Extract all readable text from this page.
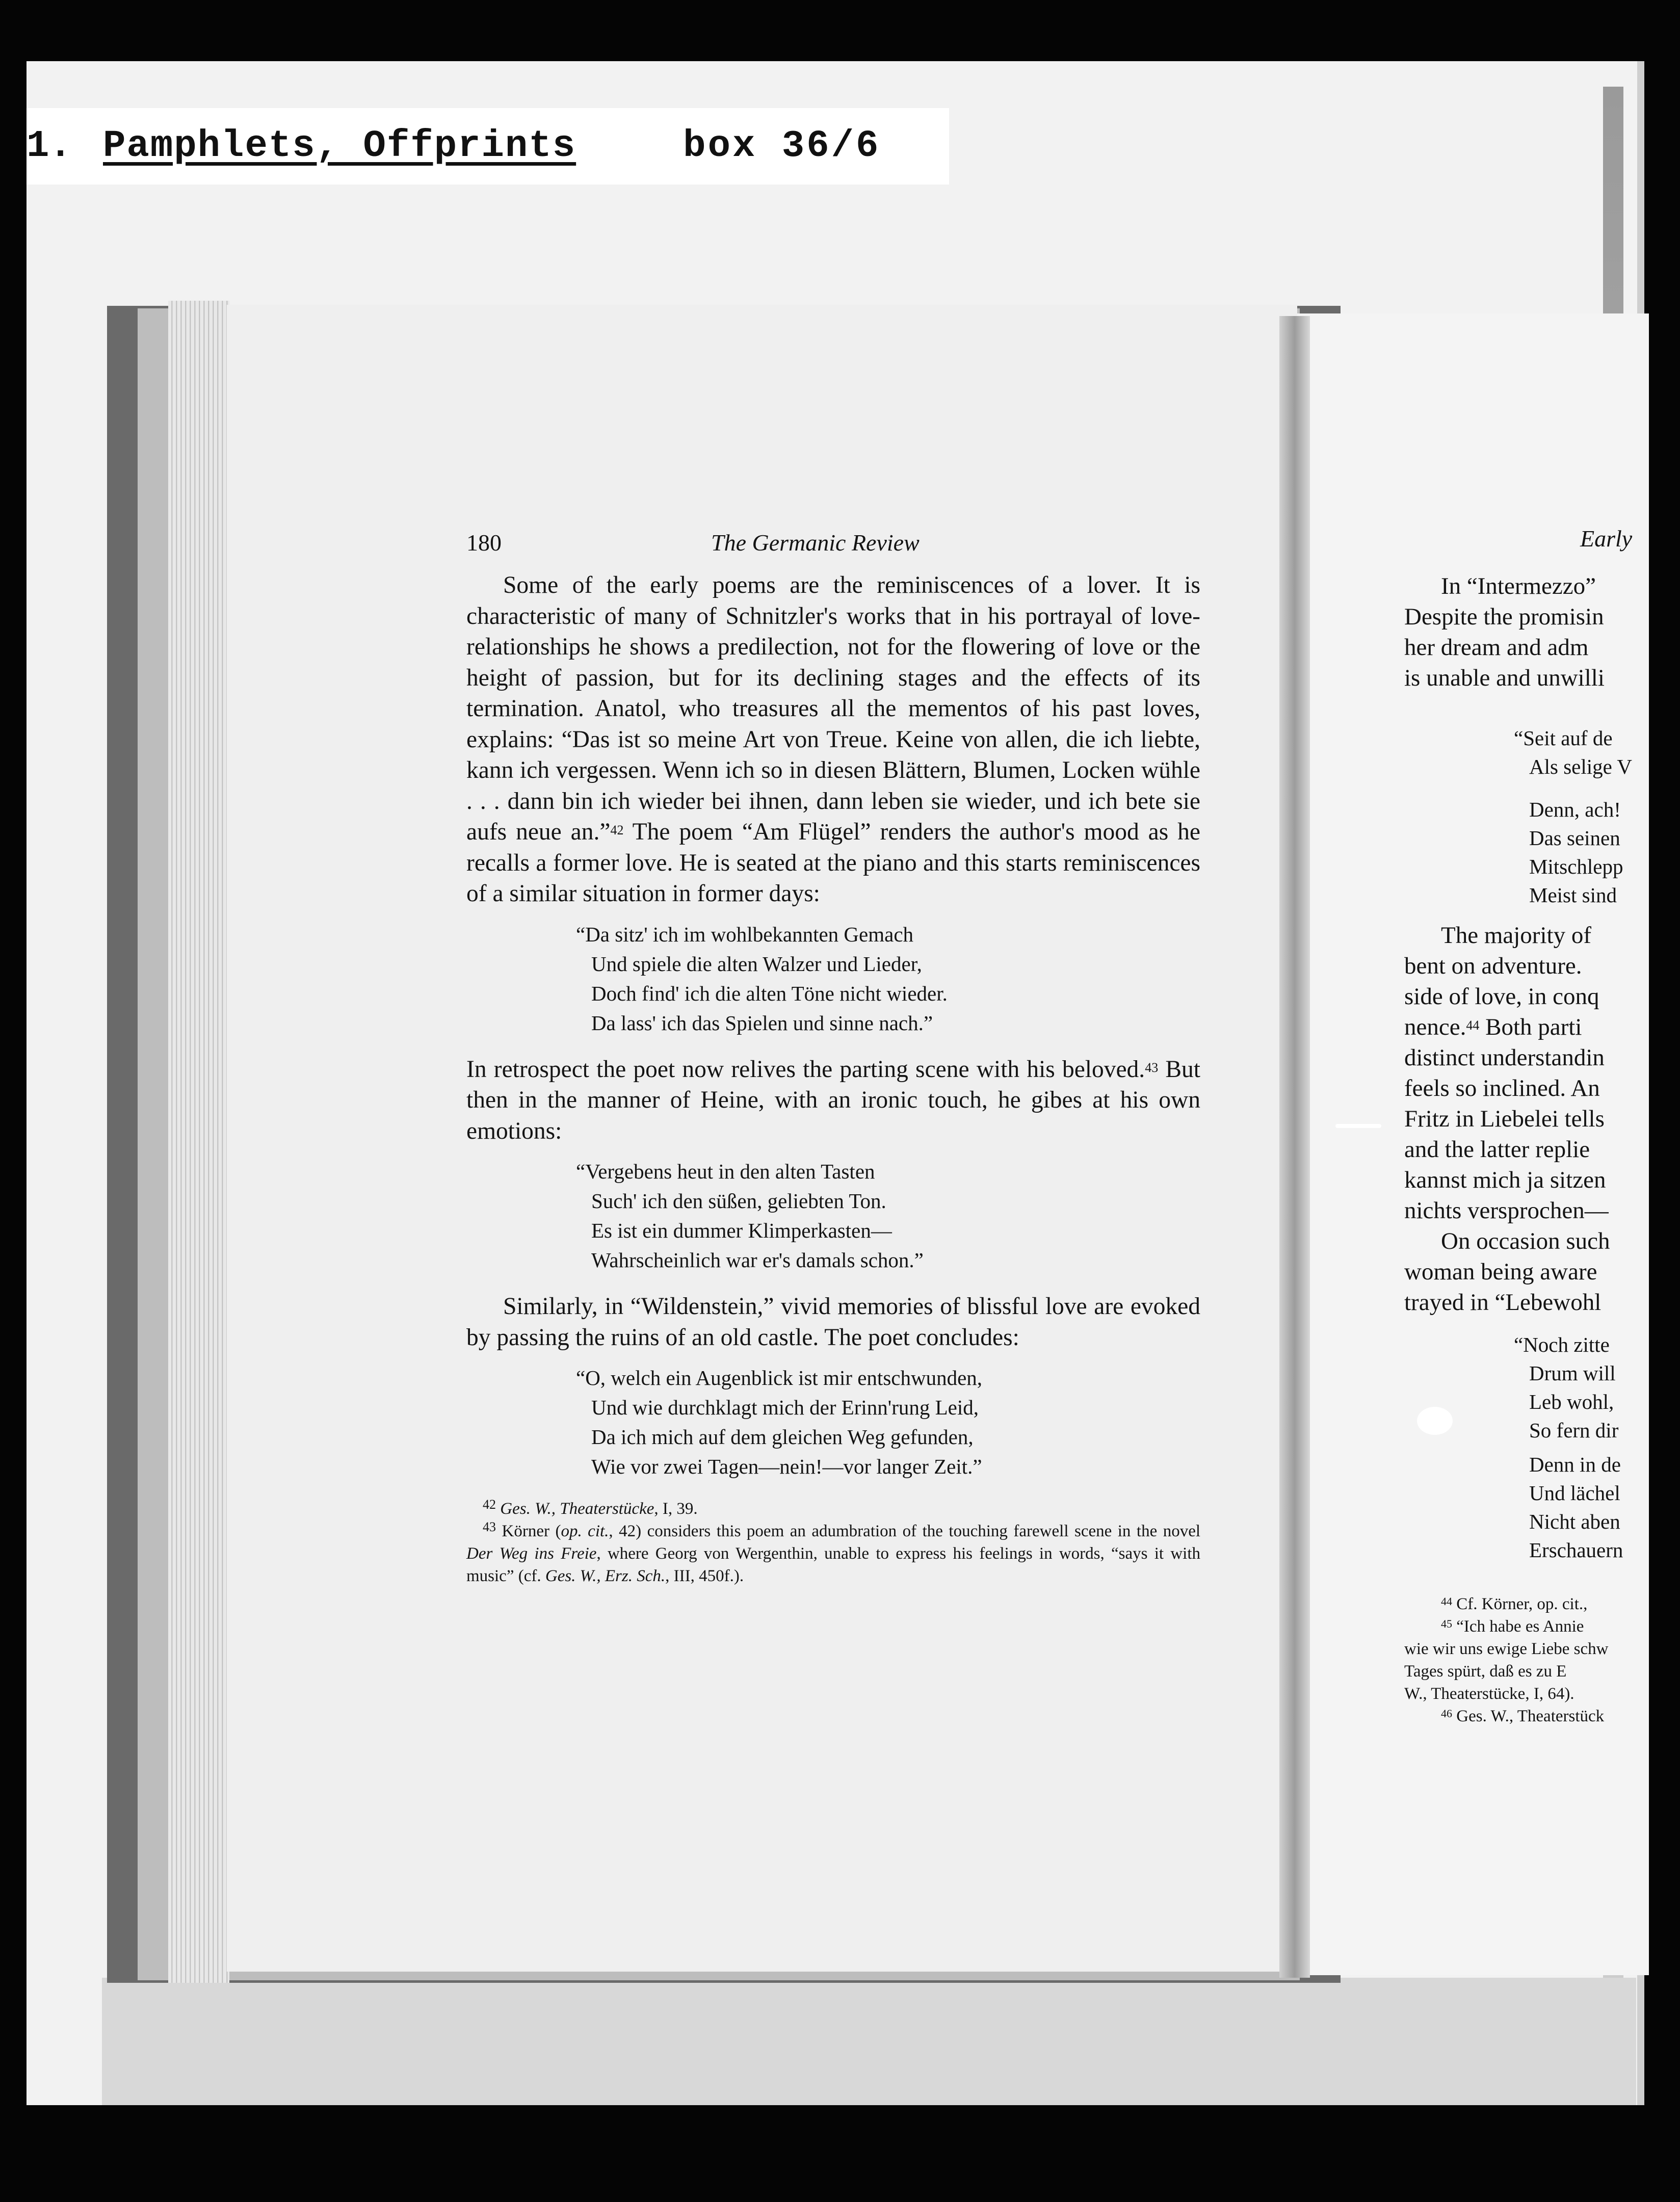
1. Pamphlets, Offprints	box 36/6
180	The Germanic Review

Some of the early poems are the reminiscences of a lover. It is characteristic of many of Schnitzler's works that in his portrayal of love-relationships he shows a predilection, not for the flowering of love or the height of passion, but for its declining stages and the effects of its termination. Anatol, who treasures all the mementos of his past loves, explains: “Das ist so meine Art von Treue. Keine von allen, die ich liebte, kann ich vergessen. Wenn ich so in diesen Blättern, Blumen, Locken wühle . . . dann bin ich wieder bei ihnen, dann leben sie wieder, und ich bete sie aufs neue an.”$^{42}$ The poem “Am Flügel” renders the author's mood as he recalls a former love. He is seated at the piano and this starts reminiscences of a similar situation in former days:

“Da sitz' ich im wohlbekannten Gemach
Und spiele die alten Walzer und Lieder,
Doch find' ich die alten Töne nicht wieder.
Da lass' ich das Spielen und sinne nach.”

In retrospect the poet now relives the parting scene with his beloved.$^{43}$ But then in the manner of Heine, with an ironic touch, he gibes at his own emotions:

“Vergebens heut in den alten Tasten
Such' ich den süßen, geliebten Ton.
Es ist ein dummer Klimperkasten—
Wahrscheinlich war er's damals schon.”

Similarly, in “Wildenstein,” vivid memories of blissful love are evoked by passing the ruins of an old castle. The poet concludes:

“O, welch ein Augenblick ist mir entschwunden,
Und wie durchklagt mich der Erinn'rung Leid,
Da ich mich auf dem gleichen Weg gefunden,
Wie vor zwei Tagen—nein!—vor langer Zeit.”

$^{42}$ Ges. W., Theaterstücke, I, 39.

$^{43}$ Körner (op. cit., 42) considers this poem an adumbration of the touching farewell scene in the novel Der Weg ins Freie, where Georg von Wergenthin, unable to express his feelings in words, “says it with music” (cf. Ges. W., Erz. Sch., III, 450f.).

Early
In “Intermezzo”
Despite the promisin
her dream and adm
is unable and unwilli
“Seit auf de
Als selige V
Denn, ach!
Das seinen
Mitschlepp
Meist sind
The majority of
bent on adventure.
side of love, in conq
nence.$^{44}$ Both parti
distinct understandin
feels so inclined. An
Fritz in Liebelei tells
and the latter replie
kannst mich ja sitzen
nichts versprochen—
On occasion such
woman being aware
trayed in “Lebewohl
“Noch zitte
Drum will
Leb wohl,
So fern dir
Denn in de
Und lächel
Nicht aben
Erschauern
$^{44}$ Cf. Körner, op. cit.,
$^{45}$ “Ich habe es Annie
wie wir uns ewige Liebe schw
Tages spürt, daß es zu E
W., Theaterstücke, I, 64).
$^{46}$ Ges. W., Theaterstück
